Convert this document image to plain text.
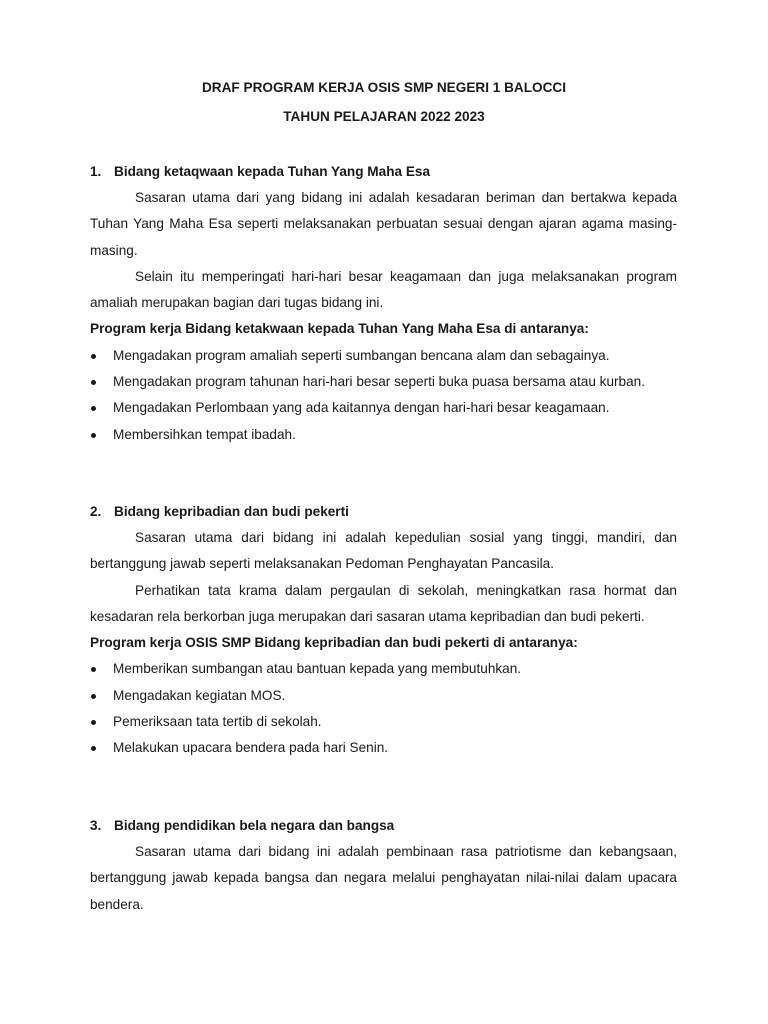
DRAF PROGRAM KERJA OSIS SMP NEGERI 1 BALOCCI

TAHUN PELAJARAN 2022 2023

1. Bidang ketaqwaan kepada Tuhan Yang Maha Esa

Sasaran utama dari yang bidang ini adalah kesadaran beriman dan bertakwa kepada Tuhan Yang Maha Esa seperti melaksanakan perbuatan sesuai dengan ajaran agama masing-masing.

Selain itu memperingati hari-hari besar keagamaan dan juga melaksanakan program amaliah merupakan bagian dari tugas bidang ini.

Program kerja Bidang ketakwaan kepada Tuhan Yang Maha Esa di antaranya:

Mengadakan program amaliah seperti sumbangan bencana alam dan sebagainya.
Mengadakan program tahunan hari-hari besar seperti buka puasa bersama atau kurban.
Mengadakan Perlombaan yang ada kaitannya dengan hari-hari besar keagamaan.
Membersihkan tempat ibadah.

2. Bidang kepribadian dan budi pekerti

Sasaran utama dari bidang ini adalah kepedulian sosial yang tinggi, mandiri, dan bertanggung jawab seperti melaksanakan Pedoman Penghayatan Pancasila.

Perhatikan tata krama dalam pergaulan di sekolah, meningkatkan rasa hormat dan kesadaran rela berkorban juga merupakan dari sasaran utama kepribadian dan budi pekerti.

Program kerja OSIS SMP Bidang kepribadian dan budi pekerti di antaranya:

Memberikan sumbangan atau bantuan kepada yang membutuhkan.
Mengadakan kegiatan MOS.
Pemeriksaan tata tertib di sekolah.
Melakukan upacara bendera pada hari Senin.

3. Bidang pendidikan bela negara dan bangsa

Sasaran utama dari bidang ini adalah pembinaan rasa patriotisme dan kebangsaan, bertanggung jawab kepada bangsa dan negara melalui penghayatan nilai-nilai dalam upacara bendera.
